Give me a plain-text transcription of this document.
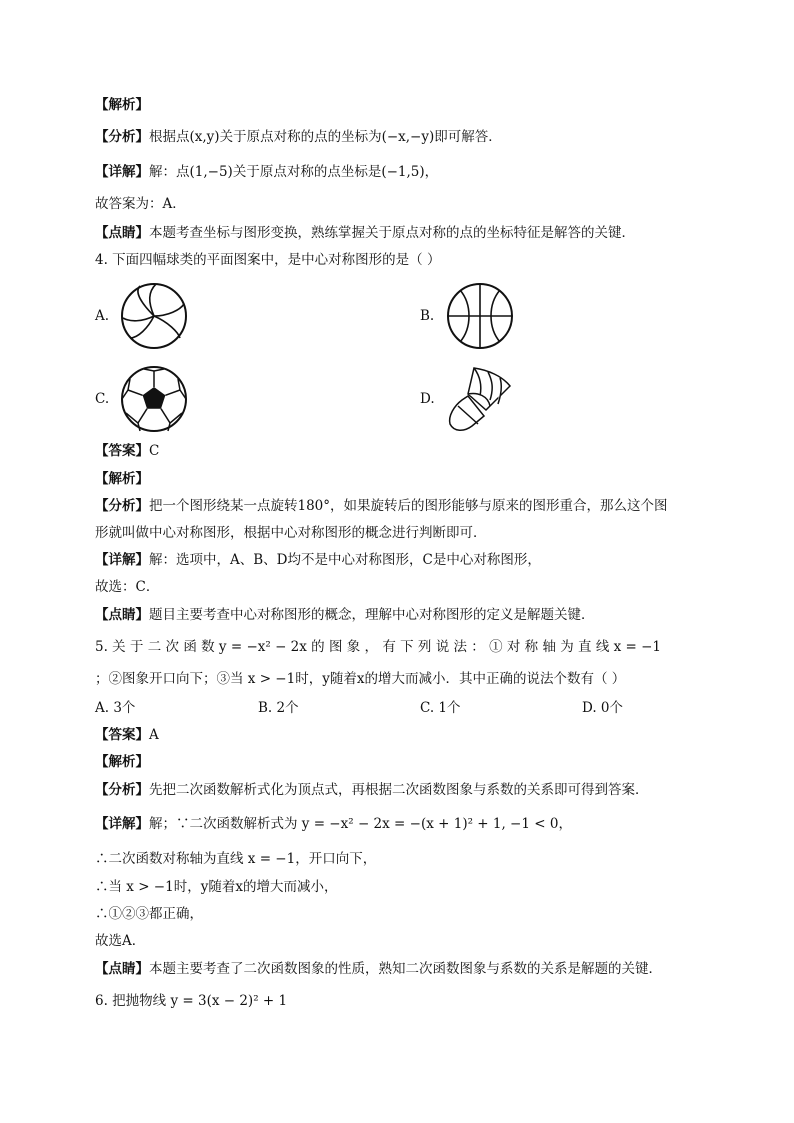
【解析】
【分析】根据点(x,y)关于原点对称的点的坐标为(−x,−y)即可解答．
【详解】解：点(1,−5)关于原点对称的点坐标是(−1,5)，
故答案为：A．
【点睛】本题考查坐标与图形变换，熟练掌握关于原点对称的点的坐标特征是解答的关键．
4. 下面四幅球类的平面图案中，是中心对称图形的是（ ）
A.	B.
C.	D.
【答案】C
【解析】
【分析】把一个图形绕某一点旋转180°，如果旋转后的图形能够与原来的图形重合，那么这个图
形就叫做中心对称图形，根据中心对称图形的概念进行判断即可．
【详解】解：选项中，A、B、D均不是中心对称图形，C是中心对称图形，
故选：C．
【点睛】题目主要考查中心对称图形的概念，理解中心对称图形的定义是解题关键．
5. 关 于 二 次 函 数 y = −x² − 2x 的 图 象 ， 有 下 列 说 法 ： ① 对 称 轴 为 直 线 x = −1
；②图象开口向下；③当 x > −1时，y随着x的增大而减小．其中正确的说法个数有（ ）
A. 3个	B. 2个	C. 1个	D. 0个
【答案】A
【解析】
【分析】先把二次函数解析式化为顶点式，再根据二次函数图象与系数的关系即可得到答案．
【详解】解；∵二次函数解析式为 y = −x² − 2x = −(x + 1)² + 1, −1 < 0，
∴二次函数对称轴为直线 x = −1，开口向下，
∴当 x > −1时，y随着x的增大而减小，
∴①②③都正确，
故选A．
【点睛】本题主要考查了二次函数图象的性质，熟知二次函数图象与系数的关系是解题的关键．
6. 把抛物线 y = 3(x − 2)² + 1
